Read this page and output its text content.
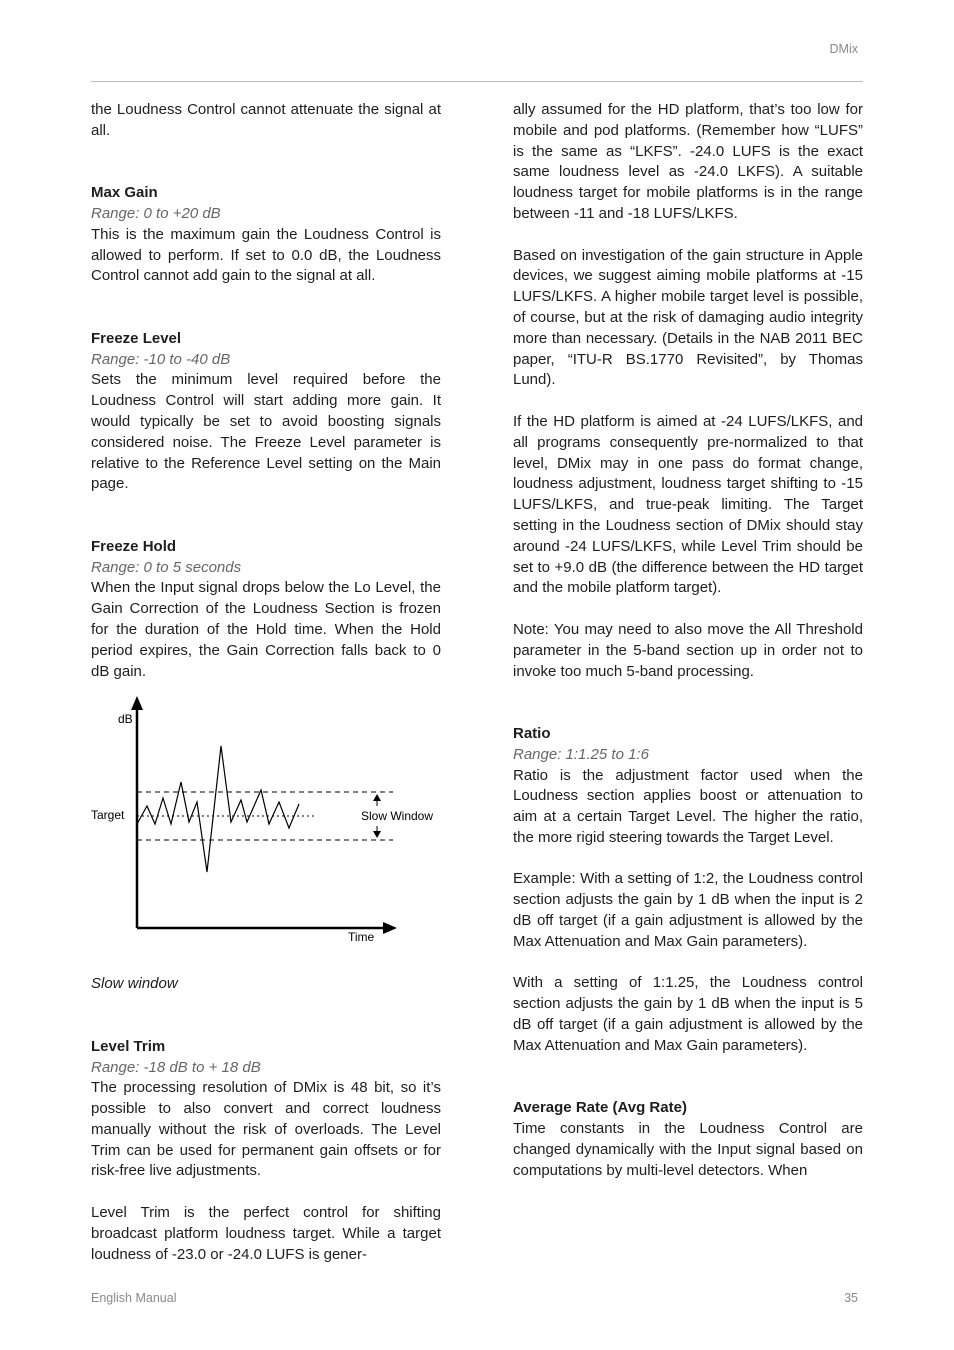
DMix

the Loudness Control cannot attenuate the signal at all.

Max Gain

Range: 0 to +20 dB

This is the maximum gain the Loudness Control is allowed to perform. If set to 0.0 dB, the Loudness Control cannot add gain to the signal at all.

Freeze Level

Range: -10 to -40 dB

Sets the minimum level required before the Loudness Control will start adding more gain. It would typically be set to avoid boosting signals considered noise. The Freeze Level parameter is relative to the Reference Level setting on the Main page.

Freeze Hold

Range: 0 to 5 seconds

When the Input signal drops below the Lo Level, the Gain Correction of the Loudness Section is frozen for the duration of the Hold time. When the Hold period expires, the Gain Correction falls back to 0 dB gain.

dB
Time
Target	Slow Window

Slow window

Level Trim

Range: -18 dB to + 18 dB

The processing resolution of DMix is 48 bit, so it’s possible to also convert and correct loudness manually without the risk of overloads. The Level Trim can be used for permanent gain offsets or for risk-free live adjustments.

Level Trim is the perfect control for shifting broadcast platform loudness target. While a target loudness of -23.0 or -24.0 LUFS is gener-

ally assumed for the HD platform, that’s too low for mobile and pod platforms. (Remember how “LUFS” is the same as “LKFS”. -24.0 LUFS is the exact same loudness level as -24.0 LKFS). A suitable loudness target for mobile platforms is in the range between -11 and -18 LUFS/LKFS.

Based on investigation of the gain structure in Apple devices, we suggest aiming mobile platforms at -15 LUFS/LKFS. A higher mobile target level is possible, of course, but at the risk of damaging audio integrity more than necessary. (Details in the NAB 2011 BEC paper, “ITU-R BS.1770 Revisited”, by Thomas Lund).

If the HD platform is aimed at -24 LUFS/LKFS, and all programs consequently pre-normalized to that level, DMix may in one pass do format change, loudness adjustment, loudness target shifting to -15 LUFS/LKFS, and true-peak limiting. The Target setting in the Loudness section of DMix should stay around -24 LUFS/LKFS, while Level Trim should be set to +9.0 dB (the difference between the HD target and the mobile platform target).

Note: You may need to also move the All Threshold parameter in the 5-band section up in order not to invoke too much 5-band processing.

Ratio

Range: 1:1.25 to 1:6

Ratio is the adjustment factor used when the Loudness section applies boost or attenuation to aim at a certain Target Level. The higher the ratio, the more rigid steering towards the Target Level.

Example: With a setting of 1:2, the Loudness control section adjusts the gain by 1 dB when the input is 2 dB off target (if a gain adjustment is allowed by the Max Attenuation and Max Gain parameters).

With a setting of 1:1.25, the Loudness control section adjusts the gain by 1 dB when the input is 5 dB off target (if a gain adjustment is allowed by the Max Attenuation and Max Gain parameters).

Average Rate (Avg Rate)

Time constants in the Loudness Control are changed dynamically with the Input signal based on computations by multi-level detectors. When

English Manual	35
